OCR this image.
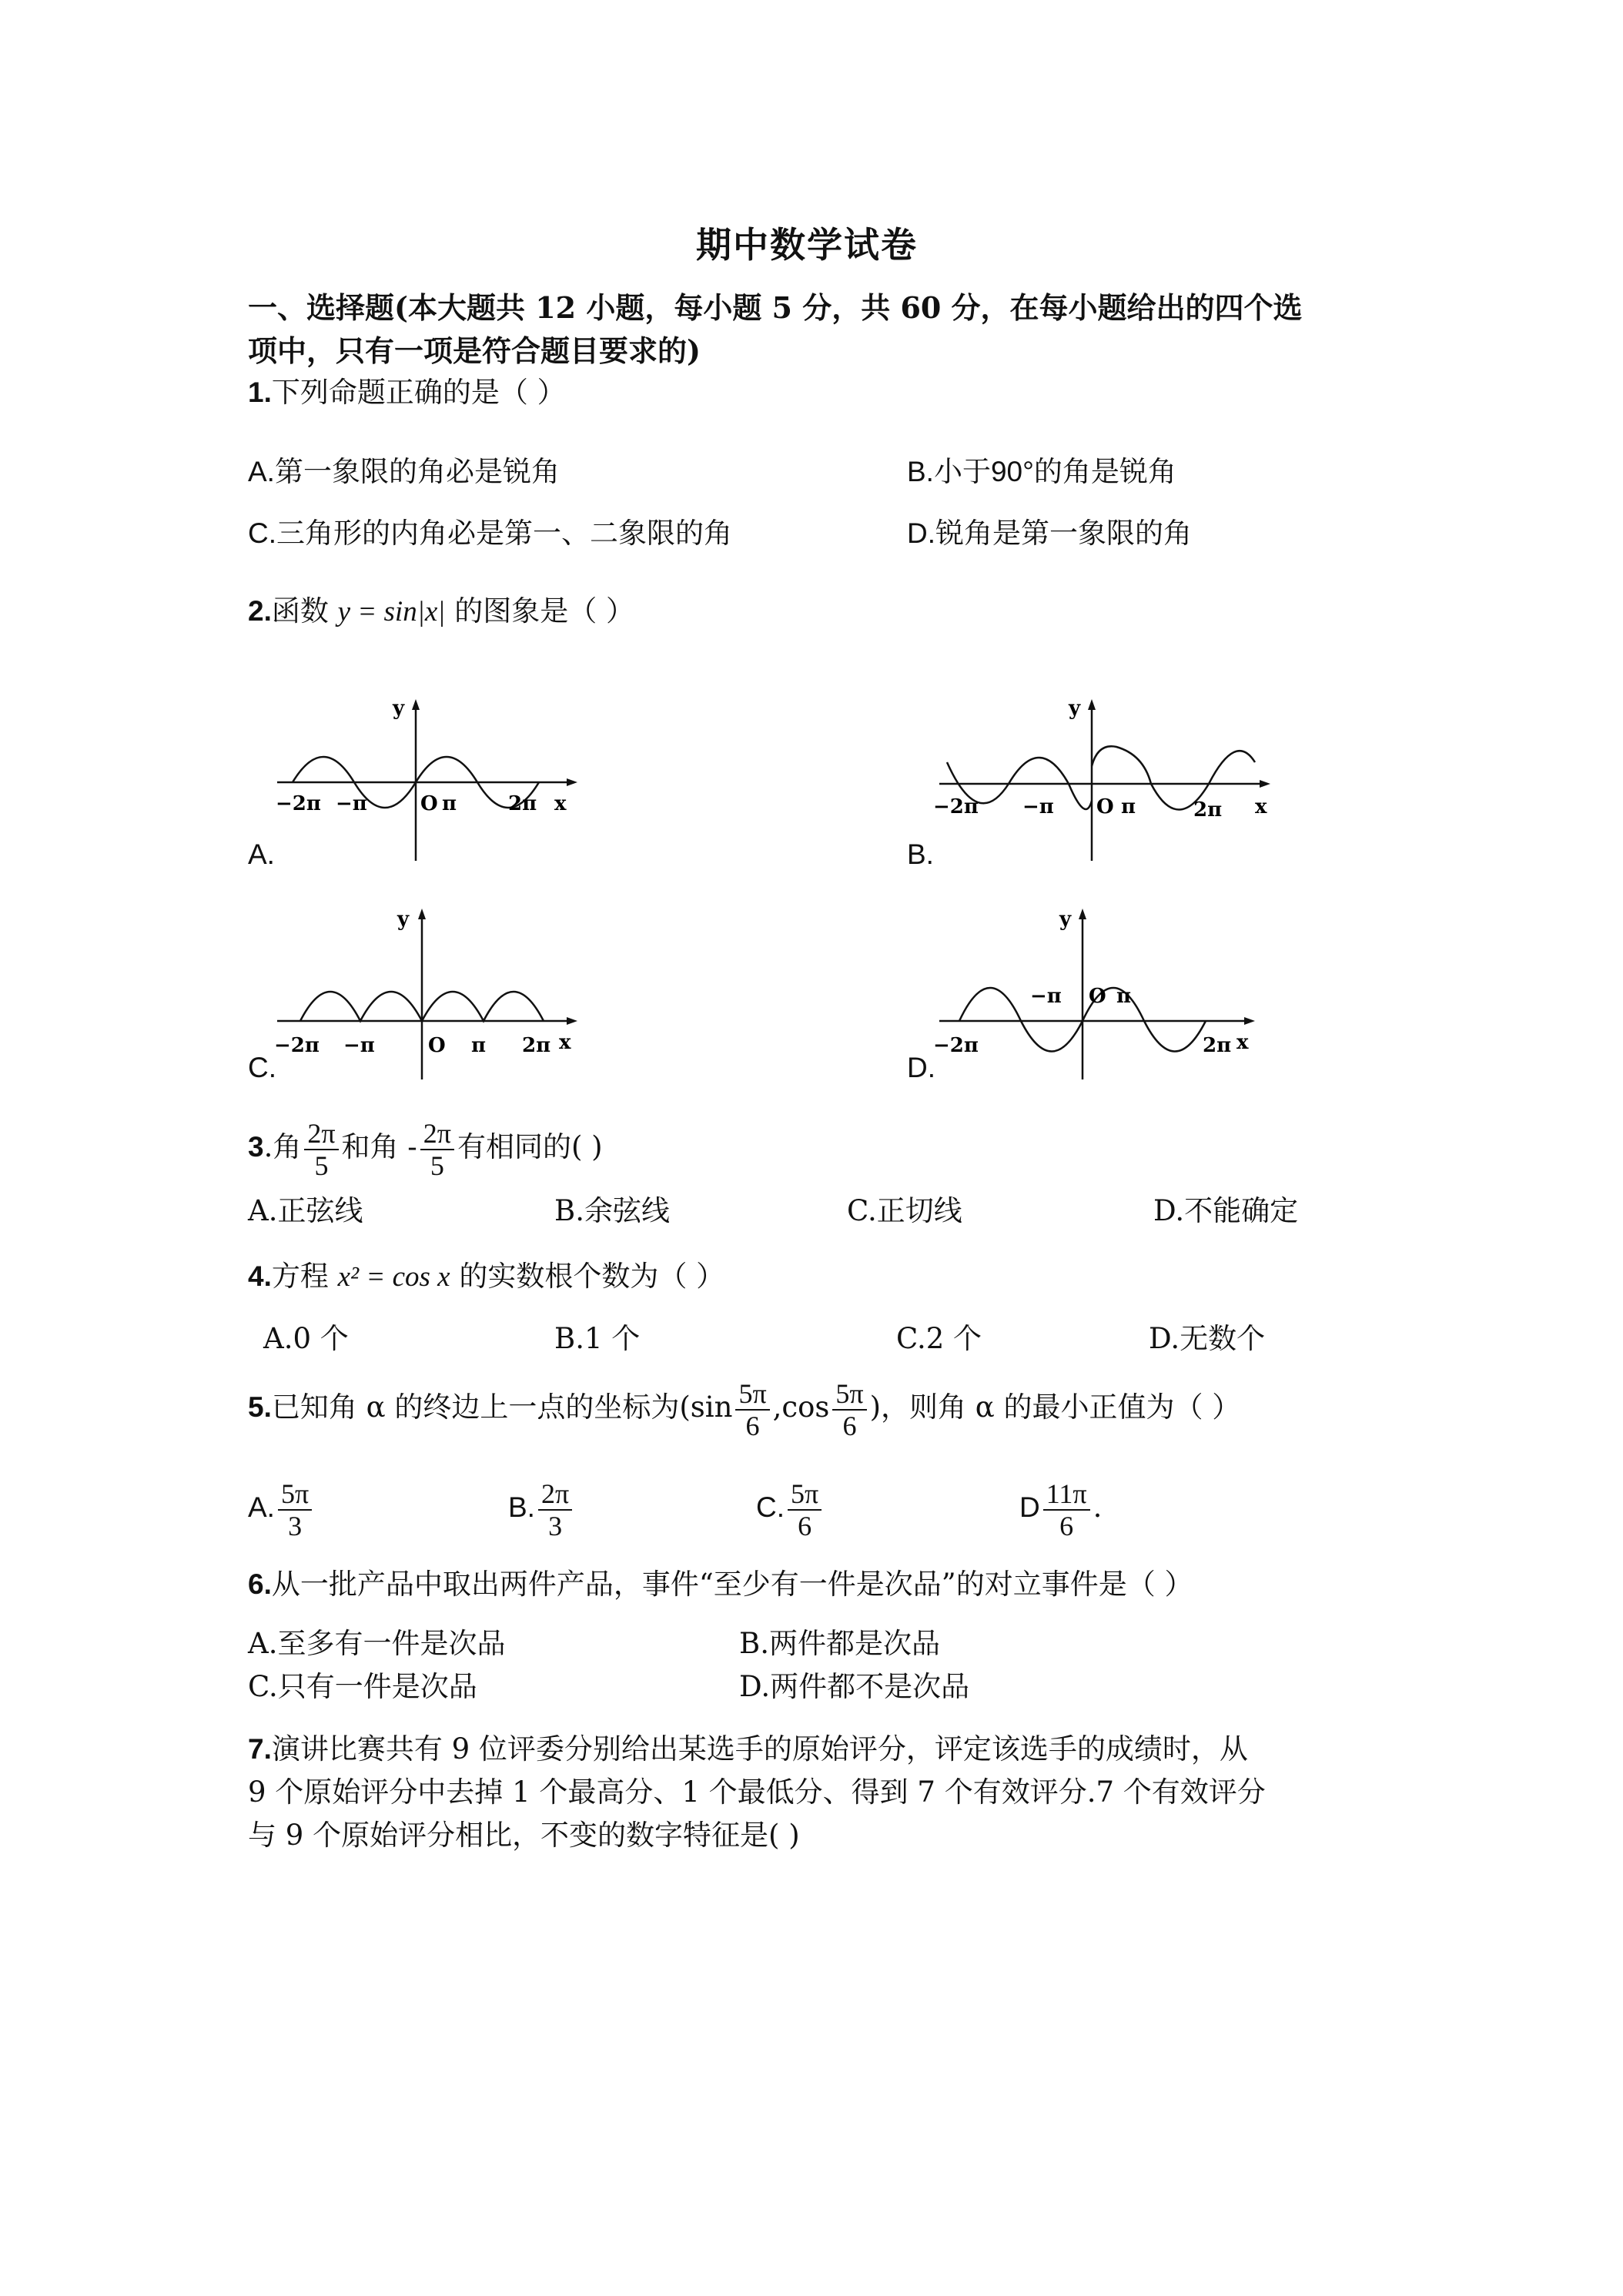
期中数学试卷
一、选择题(本大题共 12 小题，每小题 5 分，共 60 分，在每小题给出的四个选
项中，只有一项是符合题目要求的)
1.下列命题正确的是（ ）
A.第一象限的角必是锐角	B.小于90°的角是锐角
C.三角形的内角必是第一、二象限的角	D.锐角是第一象限的角
2.函数 y = sin|x| 的图象是（ ）
y
x
O π	2π
−2π −π
A.
y
x
O π	2π
−2π −π
B.
y
x
O π 2π
−2π −π
C.
y
x
O π
2π
−2π
−π
D.
3.角 $\frac{2\pi}{5}$ 和角 - $\frac{2\pi}{5}$ 有相同的( )
A.正弦线	B.余弦线	C.正切线	D.不能确定
4.方程 x² = cos x 的实数根个数为（ ）
A.0 个	B.1 个	C.2 个	D.无数个
5.已知角 α 的终边上一点的坐标为($\sin \frac{5\pi}{6} ,\cos \frac{5\pi}{6}$ )，则角 α 的最小正值为（ ）
A. $\frac{5\pi}{3}$	B. $\frac{2\pi}{3}$	C. $\frac{5\pi}{6}$	D $\frac{11\pi}{6}$ .
6.从一批产品中取出两件产品，事件“至少有一件是次品”的对立事件是（ ）
A.至多有一件是次品	B.两件都是次品
C.只有一件是次品	D.两件都不是次品
7.演讲比赛共有 9 位评委分别给出某选手的原始评分，评定该选手的成绩时，从
9 个原始评分中去掉 1 个最高分、1 个最低分、得到 7 个有效评分.7 个有效评分
与 9 个原始评分相比，不变的数字特征是( )
